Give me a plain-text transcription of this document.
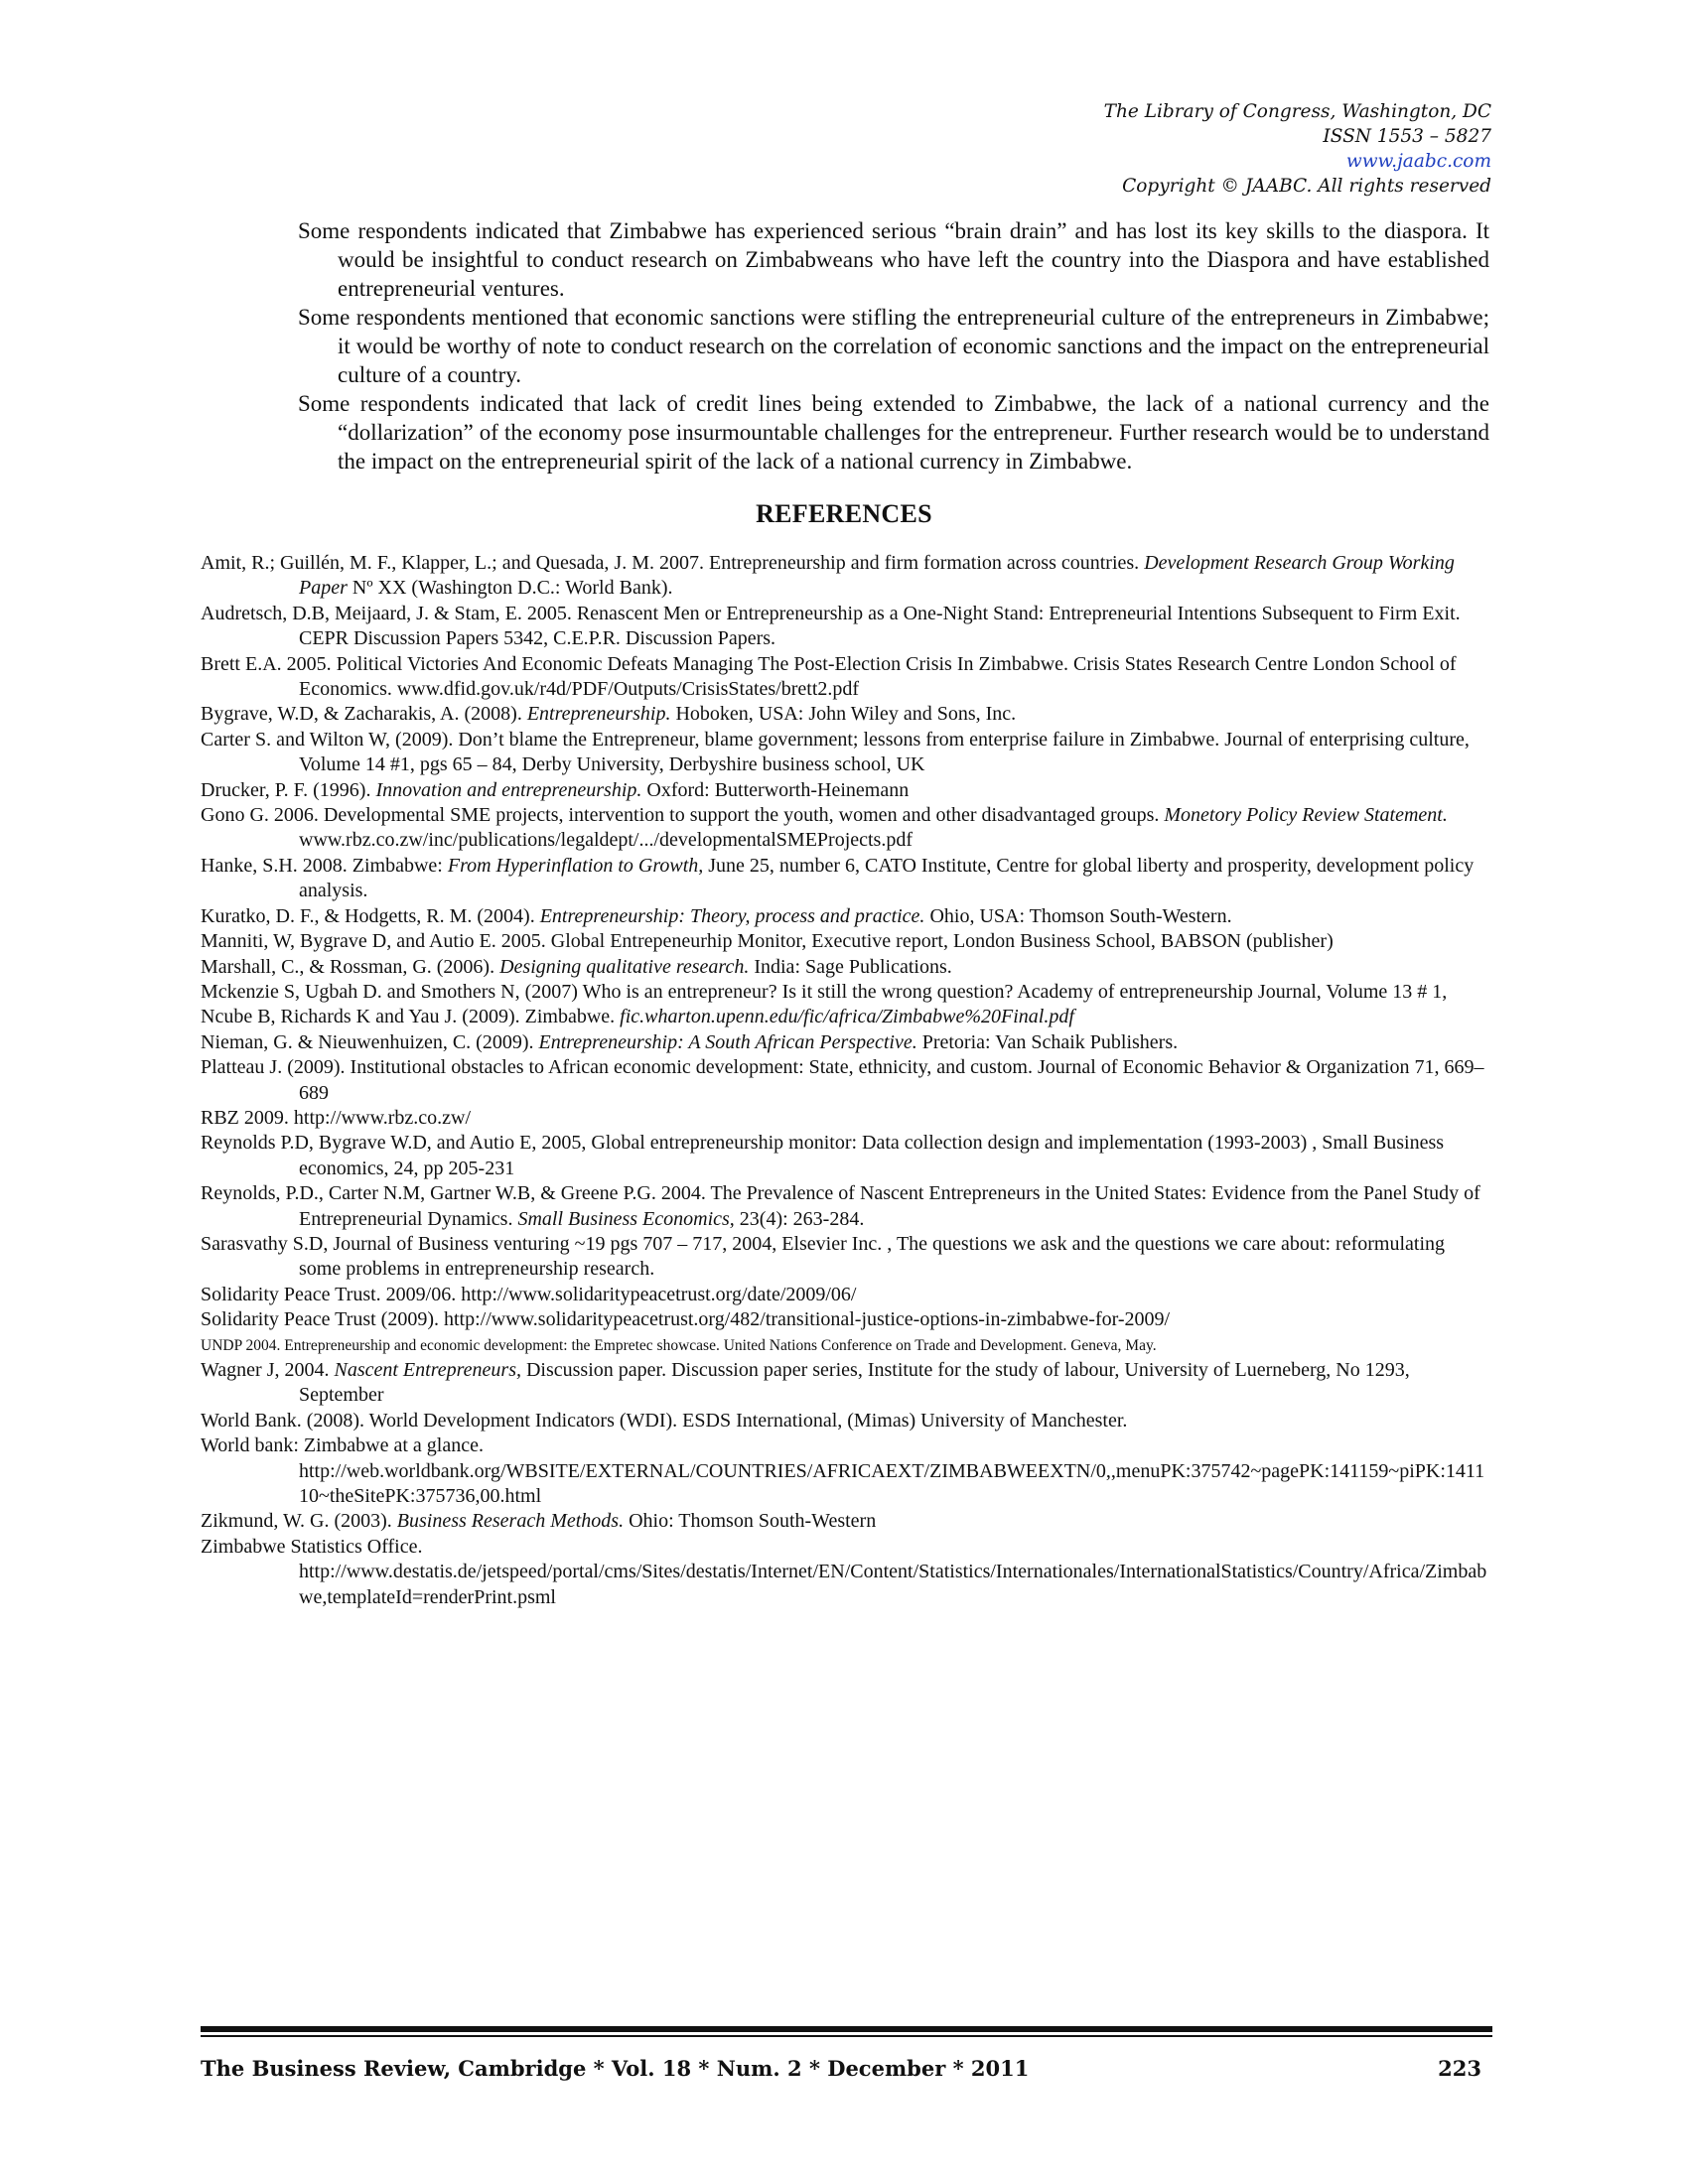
The Library of Congress, Washington, DC
ISSN 1553 – 5827
www.jaabc.com
Copyright © JAABC. All rights reserved

Some respondents indicated that Zimbabwe has experienced serious “brain drain” and has lost its key skills to the diaspora. It would be insightful to conduct research on Zimbabweans who have left the country into the Diaspora and have established entrepreneurial ventures.

Some respondents mentioned that economic sanctions were stifling the entrepreneurial culture of the entrepreneurs in Zimbabwe; it would be worthy of note to conduct research on the correlation of economic sanctions and the impact on the entrepreneurial culture of a country.

Some respondents indicated that lack of credit lines being extended to Zimbabwe, the lack of a national currency and the “dollarization” of the economy pose insurmountable challenges for the entrepreneur. Further research would be to understand the impact on the entrepreneurial spirit of the lack of a national currency in Zimbabwe.

REFERENCES

Amit, R.; Guillén, M. F., Klapper, L.; and Quesada, J. M. 2007. Entrepreneurship and firm formation across countries. Development Research Group Working Paper Nº XX (Washington D.C.: World Bank).

Audretsch, D.B, Meijaard, J. & Stam, E. 2005. Renascent Men or Entrepreneurship as a One-Night Stand: Entrepreneurial Intentions Subsequent to Firm Exit. CEPR Discussion Papers 5342, C.E.P.R. Discussion Papers.

Brett E.A. 2005. Political Victories And Economic Defeats Managing The Post-Election Crisis In Zimbabwe. Crisis States Research Centre London School of Economics. www.dfid.gov.uk/r4d/PDF/Outputs/CrisisStates/brett2.pdf

Bygrave, W.D, & Zacharakis, A. (2008). Entrepreneurship. Hoboken, USA: John Wiley and Sons, Inc.

Carter S. and Wilton W, (2009). Don’t blame the Entrepreneur, blame government; lessons from enterprise failure in Zimbabwe. Journal of enterprising culture, Volume 14 #1, pgs 65 – 84, Derby University, Derbyshire business school, UK

Drucker, P. F. (1996). Innovation and entrepreneurship. Oxford: Butterworth-Heinemann

Gono G. 2006. Developmental SME projects, intervention to support the youth, women and other disadvantaged groups. Monetory Policy Review Statement. www.rbz.co.zw/inc/publications/legaldept/.../developmentalSMEProjects.pdf

Hanke, S.H. 2008. Zimbabwe: From Hyperinflation to Growth, June 25, number 6, CATO Institute, Centre for global liberty and prosperity, development policy analysis.

Kuratko, D. F., & Hodgetts, R. M. (2004). Entrepreneurship: Theory, process and practice. Ohio, USA: Thomson South-Western.

Manniti, W, Bygrave D, and Autio E. 2005. Global Entrepeneurhip Monitor, Executive report, London Business School, BABSON (publisher)

Marshall, C., & Rossman, G. (2006). Designing qualitative research. India: Sage Publications.

Mckenzie S, Ugbah D. and Smothers N, (2007) Who is an entrepreneur? Is it still the wrong question? Academy of entrepreneurship Journal, Volume 13 # 1,

Ncube B, Richards K and Yau J. (2009). Zimbabwe. fic.wharton.upenn.edu/fic/africa/Zimbabwe%20Final.pdf

Nieman, G. & Nieuwenhuizen, C. (2009). Entrepreneurship: A South African Perspective. Pretoria: Van Schaik Publishers.

Platteau J. (2009). Institutional obstacles to African economic development: State, ethnicity, and custom. Journal of Economic Behavior & Organization 71, 669–689

RBZ 2009. http://www.rbz.co.zw/

Reynolds P.D, Bygrave W.D, and Autio E, 2005, Global entrepreneurship monitor: Data collection design and implementation (1993-2003) , Small Business economics, 24, pp 205-231

Reynolds, P.D., Carter N.M, Gartner W.B, & Greene P.G. 2004. The Prevalence of Nascent Entrepreneurs in the United States: Evidence from the Panel Study of Entrepreneurial Dynamics. Small Business Economics, 23(4): 263-284.

Sarasvathy S.D, Journal of Business venturing ~19 pgs 707 – 717, 2004, Elsevier Inc. , The questions we ask and the questions we care about: reformulating some problems in entrepreneurship research.

Solidarity Peace Trust. 2009/06. http://www.solidaritypeacetrust.org/date/2009/06/

Solidarity Peace Trust (2009). http://www.solidaritypeacetrust.org/482/transitional-justice-options-in-zimbabwe-for-2009/

UNDP 2004. Entrepreneurship and economic development: the Empretec showcase. United Nations Conference on Trade and Development. Geneva, May.

Wagner J, 2004. Nascent Entrepreneurs, Discussion paper. Discussion paper series, Institute for the study of labour, University of Luerneberg, No 1293, September

World Bank. (2008). World Development Indicators (WDI). ESDS International, (Mimas) University of Manchester.

World bank: Zimbabwe at a glance.
http://web.worldbank.org/WBSITE/EXTERNAL/COUNTRIES/AFRICAEXT/ZIMBABWEEXTN/0,,menuPK:375742~pagePK:141159~piPK:141110~theSitePK:375736,00.html

Zikmund, W. G. (2003). Business Reserach Methods. Ohio: Thomson South-Western

Zimbabwe Statistics Office.
http://www.destatis.de/jetspeed/portal/cms/Sites/destatis/Internet/EN/Content/Statistics/Internationales/InternationalStatistics/Country/Africa/Zimbabwe,templateId=renderPrint.psml

The Business Review, Cambridge * Vol. 18 * Num. 2 * December * 2011	223
